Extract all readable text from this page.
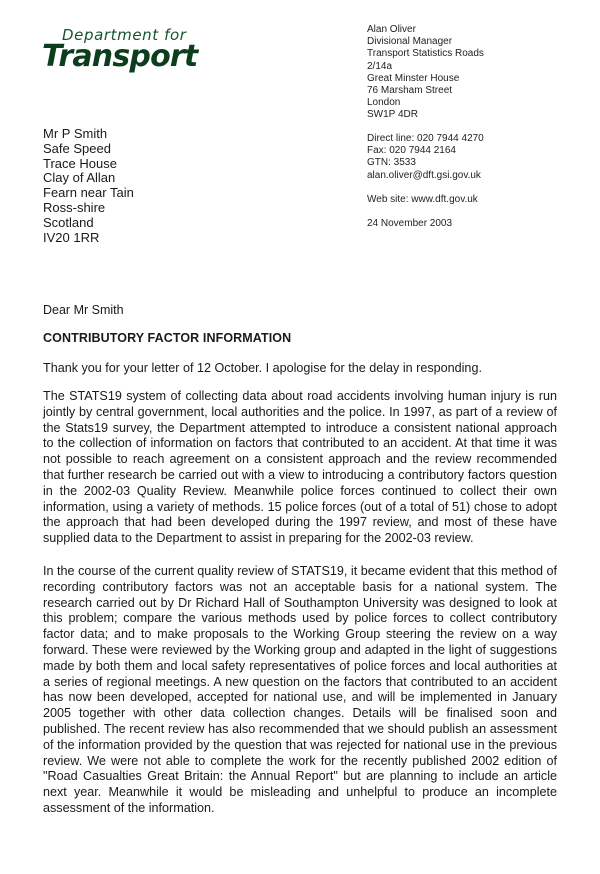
Department for
Transport
Alan Oliver
Divisional Manager
Transport Statistics Roads
2/14a
Great Minster House
76 Marsham Street
London
SW1P 4DR
Direct line: 020 7944 4270
Fax: 020 7944 2164
GTN: 3533
alan.oliver@dft.gsi.gov.uk
Web site: www.dft.gov.uk
24 November 2003
Mr P Smith
Safe Speed
Trace House
Clay of Allan
Fearn near Tain
Ross-shire
Scotland
IV20 1RR
Dear Mr Smith
CONTRIBUTORY FACTOR INFORMATION
Thank you for your letter of 12 October. I apologise for the delay in responding.
The STATS19 system of collecting data about road accidents involving human injury is run jointly by central government, local authorities and the police. In 1997, as part of a review of the Stats19 survey, the Department attempted to introduce a consistent national approach to the collection of information on factors that contributed to an accident. At that time it was not possible to reach agreement on a consistent approach and the review recommended that further research be carried out with a view to introducing a contributory factors question in the 2002-03 Quality Review. Meanwhile police forces continued to collect their own information, using a variety of methods. 15 police forces (out of a total of 51) chose to adopt the approach that had been developed during the 1997 review, and most of these have supplied data to the Department to assist in preparing for the 2002-03 review.
In the course of the current quality review of STATS19, it became evident that this method of recording contributory factors was not an acceptable basis for a national system. The research carried out by Dr Richard Hall of Southampton University was designed to look at this problem; compare the various methods used by police forces to collect contributory factor data; and to make proposals to the Working Group steering the review on a way forward. These were reviewed by the Working group and adapted in the light of suggestions made by both them and local safety representatives of police forces and local authorities at a series of regional meetings. A new question on the factors that contributed to an accident has now been developed, accepted for national use, and will be implemented in January 2005 together with other data collection changes. Details will be finalised soon and published. The recent review has also recommended that we should publish an assessment of the information provided by the question that was rejected for national use in the previous review. We were not able to complete the work for the recently published 2002 edition of "Road Casualties Great Britain: the Annual Report" but are planning to include an article next year. Meanwhile it would be misleading and unhelpful to produce an incomplete assessment of the information.
